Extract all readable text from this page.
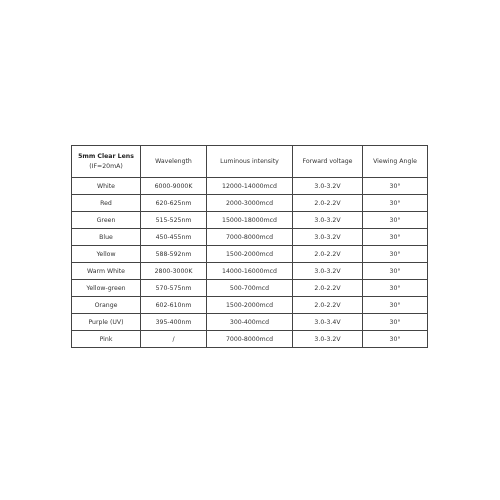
5mm Clear Lens
(IF=20mA)	Wavelength	Luminous intensity	Forward voltage	Viewing Angle
White	6000-9000K	12000-14000mcd	3.0-3.2V	30°
Red	620-625nm	2000-3000mcd	2.0-2.2V	30°
Green	515-525nm	15000-18000mcd	3.0-3.2V	30°
Blue	450-455nm	7000-8000mcd	3.0-3.2V	30°
Yellow	588-592nm	1500-2000mcd	2.0-2.2V	30°
Warm White	2800-3000K	14000-16000mcd	3.0-3.2V	30°
Yellow-green	570-575nm	500-700mcd	2.0-2.2V	30°
Orange	602-610nm	1500-2000mcd	2.0-2.2V	30°
Purple (UV)	395-400nm	300-400mcd	3.0-3.4V	30°
Pink	/	7000-8000mcd	3.0-3.2V	30°
